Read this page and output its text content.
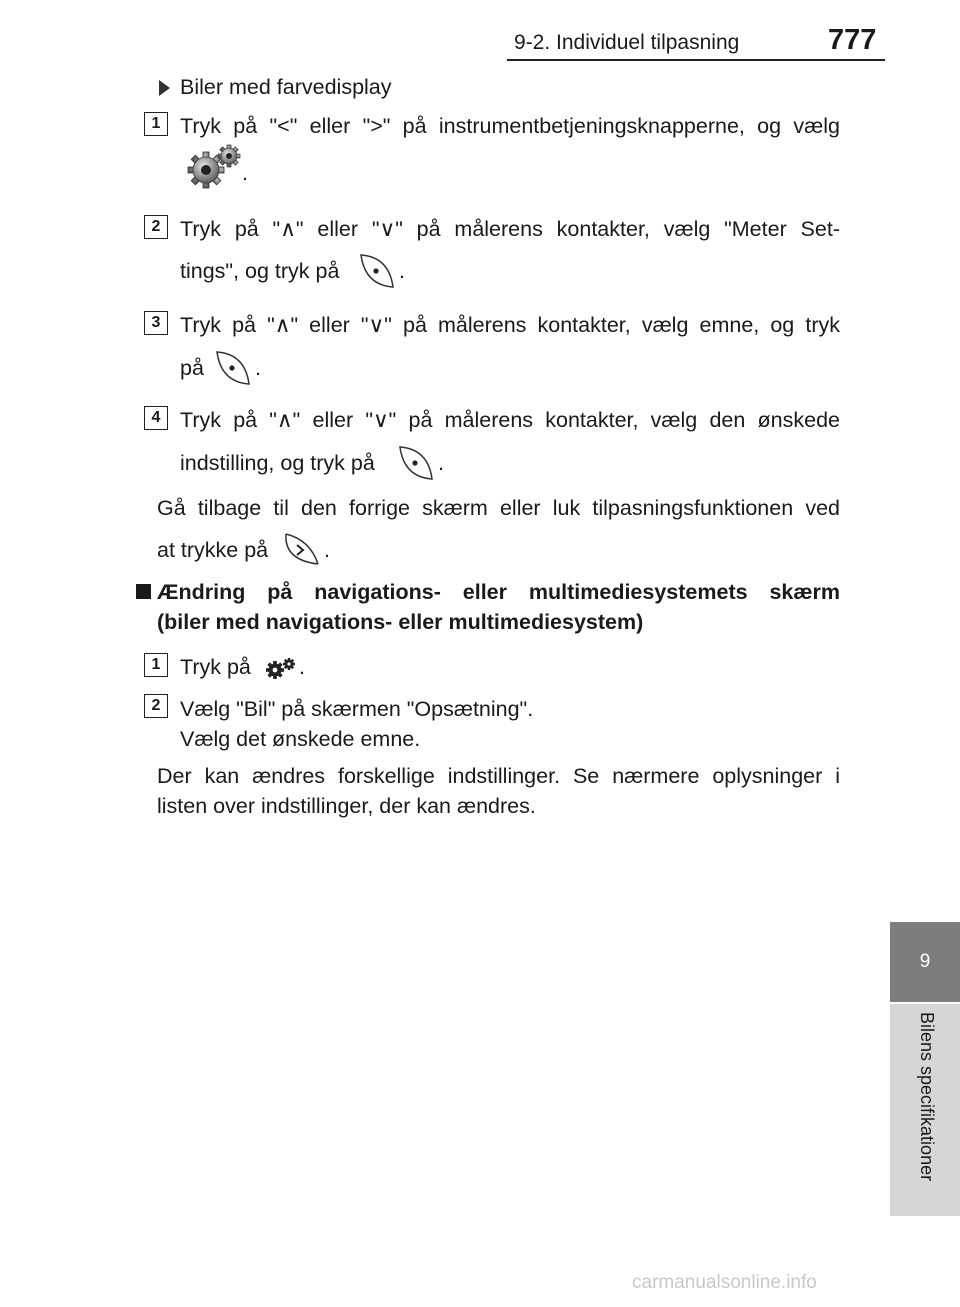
9-2. Individuel tilpasning	777
9
Bilens specifikationer
Biler med farvedisplay
1 Tryk på "<" eller ">" på instrumentbetjeningsknapperne, og vælg
.
2 Tryk på "∧" eller "∨" på målerens kontakter, vælg "Meter Set-
tings", og tryk på	.
3 Tryk på "∧" eller "∨" på målerens kontakter, vælg emne, og tryk
på .
4 Tryk på "∧" eller "∨" på målerens kontakter, vælg den ønskede
indstilling, og tryk på	.
Gå tilbage til den forrige skærm eller luk tilpasningsfunktionen ved
at trykke på	.
Ændring på navigations- eller multimediesystemets skærm
(biler med navigations- eller multimediesystem)
1 Tryk på .
2 Vælg "Bil" på skærmen "Opsætning".
Vælg det ønskede emne.
Der kan ændres forskellige indstillinger. Se nærmere oplysninger i
listen over indstillinger, der kan ændres.
carmanualsonline.info
